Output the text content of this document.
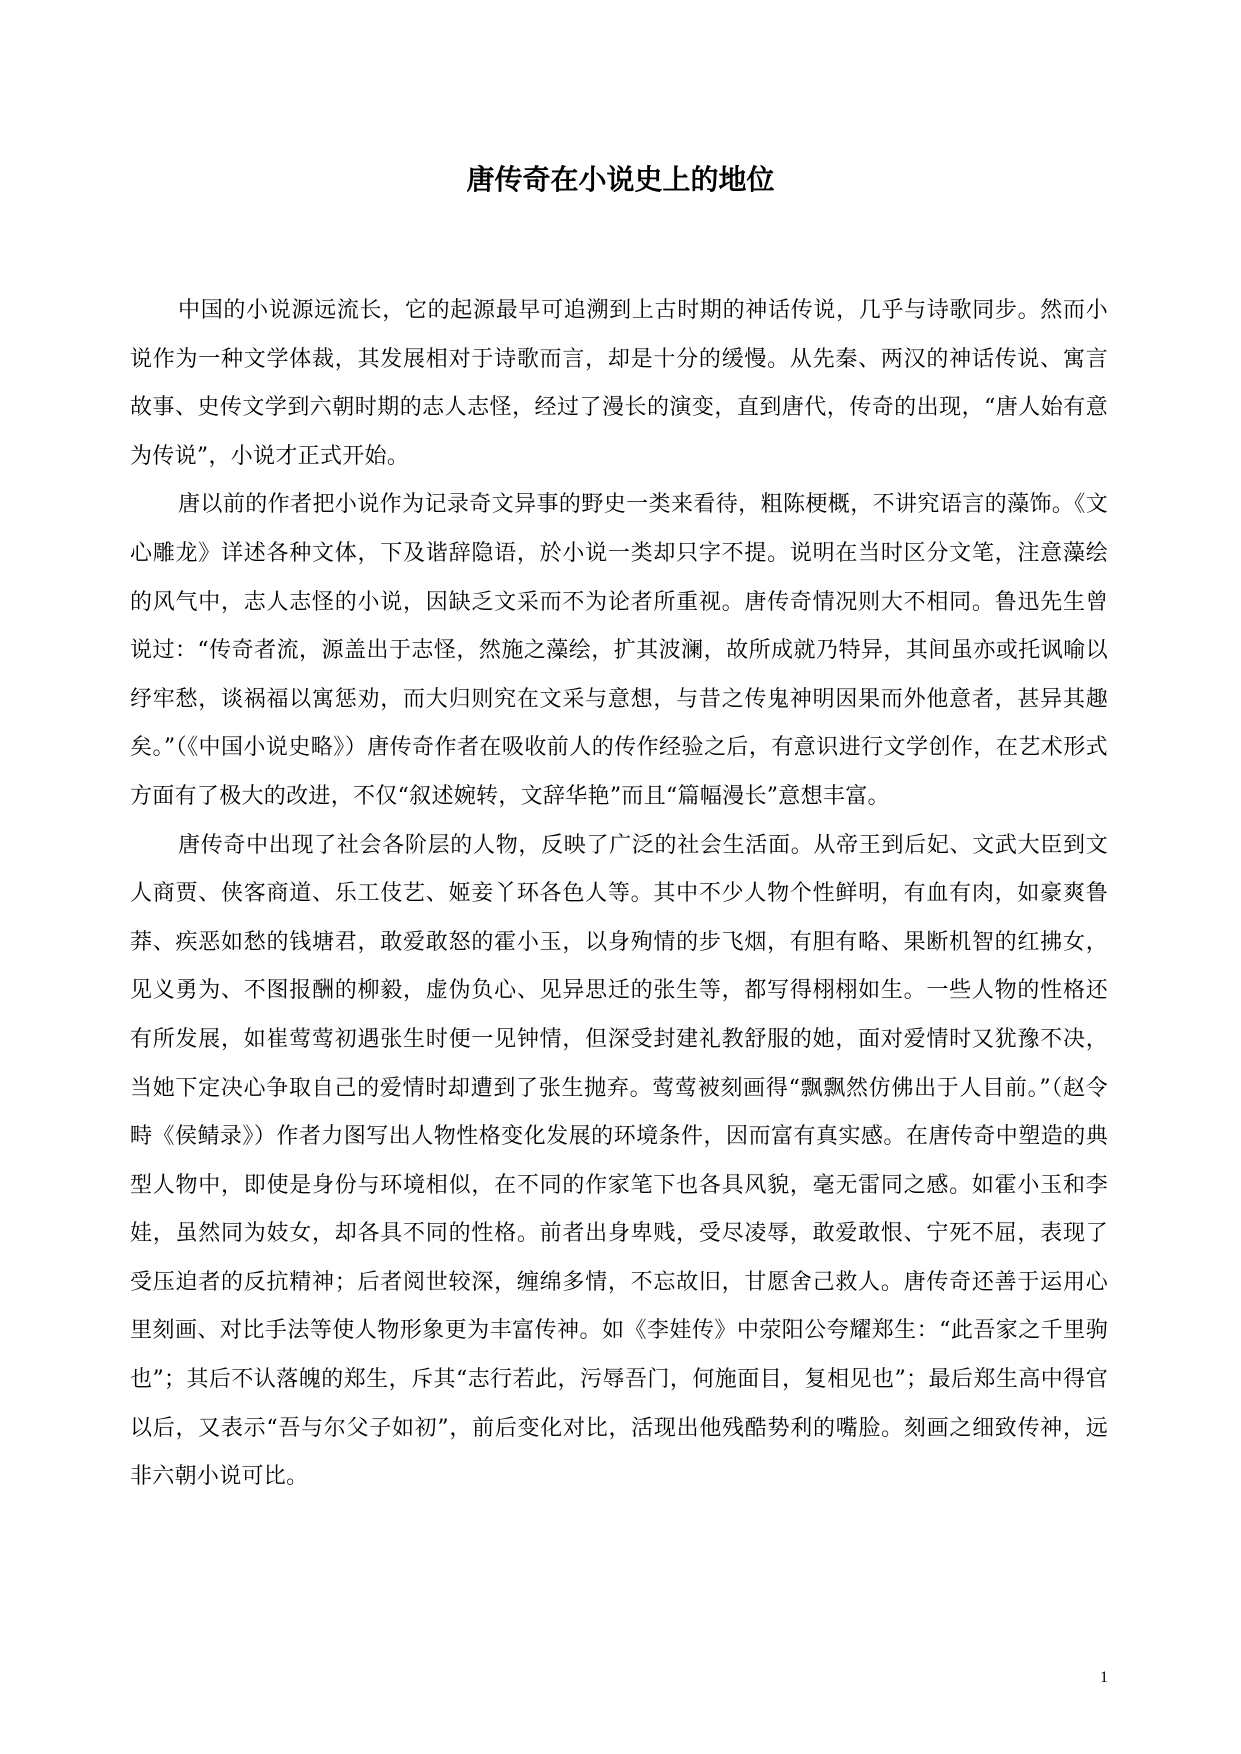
唐传奇在小说史上的地位

中国的小说源远流长，它的起源最早可追溯到上古时期的神话传说，几乎与诗歌同步。然而小说作为一种文学体裁，其发展相对于诗歌而言，却是十分的缓慢。从先秦、两汉的神话传说、寓言故事、史传文学到六朝时期的志人志怪，经过了漫长的演变，直到唐代，传奇的出现，“唐人始有意为传说”，小说才正式开始。

唐以前的作者把小说作为记录奇文异事的野史一类来看待，粗陈梗概，不讲究语言的藻饰。《文心雕龙》详述各种文体，下及谐辞隐语，於小说一类却只字不提。说明在当时区分文笔，注意藻绘的风气中，志人志怪的小说，因缺乏文采而不为论者所重视。唐传奇情况则大不相同。鲁迅先生曾说过：“传奇者流，源盖出于志怪，然施之藻绘，扩其波澜，故所成就乃特异，其间虽亦或托讽喻以纾牢愁，谈祸福以寓惩劝，而大归则究在文采与意想，与昔之传鬼神明因果而外他意者，甚异其趣矣。”（《中国小说史略》）唐传奇作者在吸收前人的传作经验之后，有意识进行文学创作，在艺术形式方面有了极大的改进，不仅“叙述婉转，文辞华艳”而且“篇幅漫长”意想丰富。

唐传奇中出现了社会各阶层的人物，反映了广泛的社会生活面。从帝王到后妃、文武大臣到文人商贾、侠客商道、乐工伎艺、姬妾丫环各色人等。其中不少人物个性鲜明，有血有肉，如豪爽鲁莽、疾恶如愁的钱塘君，敢爱敢怒的霍小玉，以身殉情的步飞烟，有胆有略、果断机智的红拂女，见义勇为、不图报酬的柳毅，虚伪负心、见异思迁的张生等，都写得栩栩如生。一些人物的性格还有所发展，如崔莺莺初遇张生时便一见钟情，但深受封建礼教舒服的她，面对爱情时又犹豫不决，当她下定决心争取自己的爱情时却遭到了张生抛弃。莺莺被刻画得“飘飘然仿佛出于人目前。”（赵令畤《侯鲭录》）作者力图写出人物性格变化发展的环境条件，因而富有真实感。在唐传奇中塑造的典型人物中，即使是身份与环境相似，在不同的作家笔下也各具风貌，毫无雷同之感。如霍小玉和李娃，虽然同为妓女，却各具不同的性格。前者出身卑贱，受尽凌辱，敢爱敢恨、宁死不屈，表现了受压迫者的反抗精神；后者阅世较深，缠绵多情，不忘故旧，甘愿舍己救人。唐传奇还善于运用心里刻画、对比手法等使人物形象更为丰富传神。如《李娃传》中荥阳公夸耀郑生：“此吾家之千里驹也”；其后不认落魄的郑生，斥其“志行若此，污辱吾门，何施面目，复相见也”；最后郑生高中得官以后，又表示“吾与尔父子如初”，前后变化对比，活现出他残酷势利的嘴脸。刻画之细致传神，远非六朝小说可比。

1
